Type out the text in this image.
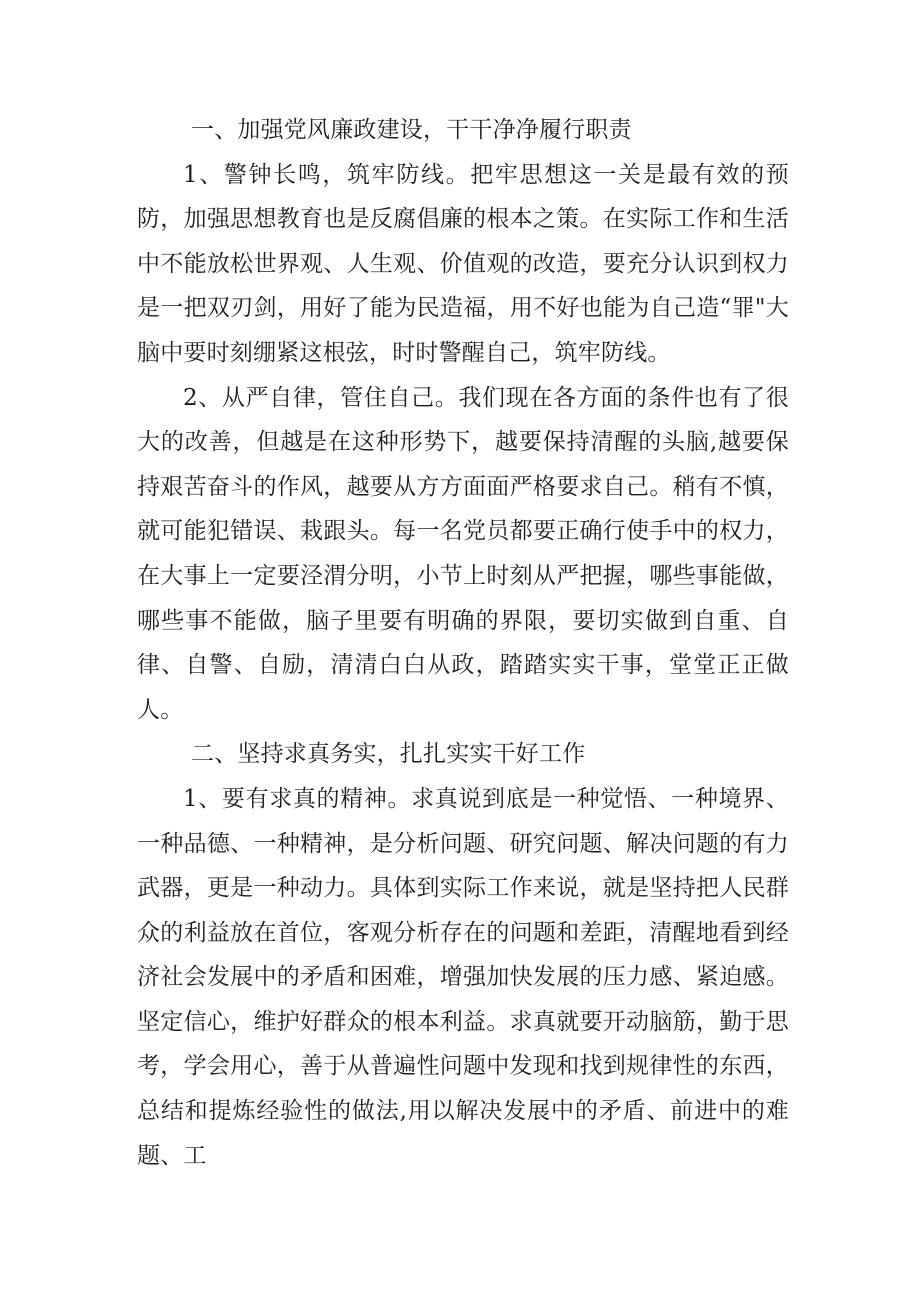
一、加强党风廉政建设，干干净净履行职责

1、警钟长鸣，筑牢防线。把牢思想这一关是最有效的预防，加强思想教育也是反腐倡廉的根本之策。在实际工作和生活中不能放松世界观、人生观、价值观的改造，要充分认识到权力是一把双刃剑，用好了能为民造福，用不好也能为自己造“罪"大脑中要时刻绷紧这根弦，时时警醒自己，筑牢防线。

2、从严自律，管住自己。我们现在各方面的条件也有了很大的改善，但越是在这种形势下，越要保持清醒的头脑,越要保持艰苦奋斗的作风，越要从方方面面严格要求自己。稍有不慎，就可能犯错误、栽跟头。每一名党员都要正确行使手中的权力，在大事上一定要泾渭分明，小节上时刻从严把握，哪些事能做，哪些事不能做，脑子里要有明确的界限，要切实做到自重、自律、自警、自励，清清白白从政，踏踏实实干事，堂堂正正做人。

二、坚持求真务实，扎扎实实干好工作

1、要有求真的精神。求真说到底是一种觉悟、一种境界、一种品德、一种精神，是分析问题、研究问题、解决问题的有力武器，更是一种动力。具体到实际工作来说，就是坚持把人民群众的利益放在首位，客观分析存在的问题和差距，清醒地看到经济社会发展中的矛盾和困难，增强加快发展的压力感、紧迫感。坚定信心，维护好群众的根本利益。求真就要开动脑筋，勤于思考，学会用心，善于从普遍性问题中发现和找到规律性的东西，总结和提炼经验性的做法,用以解决发展中的矛盾、前进中的难题、工
